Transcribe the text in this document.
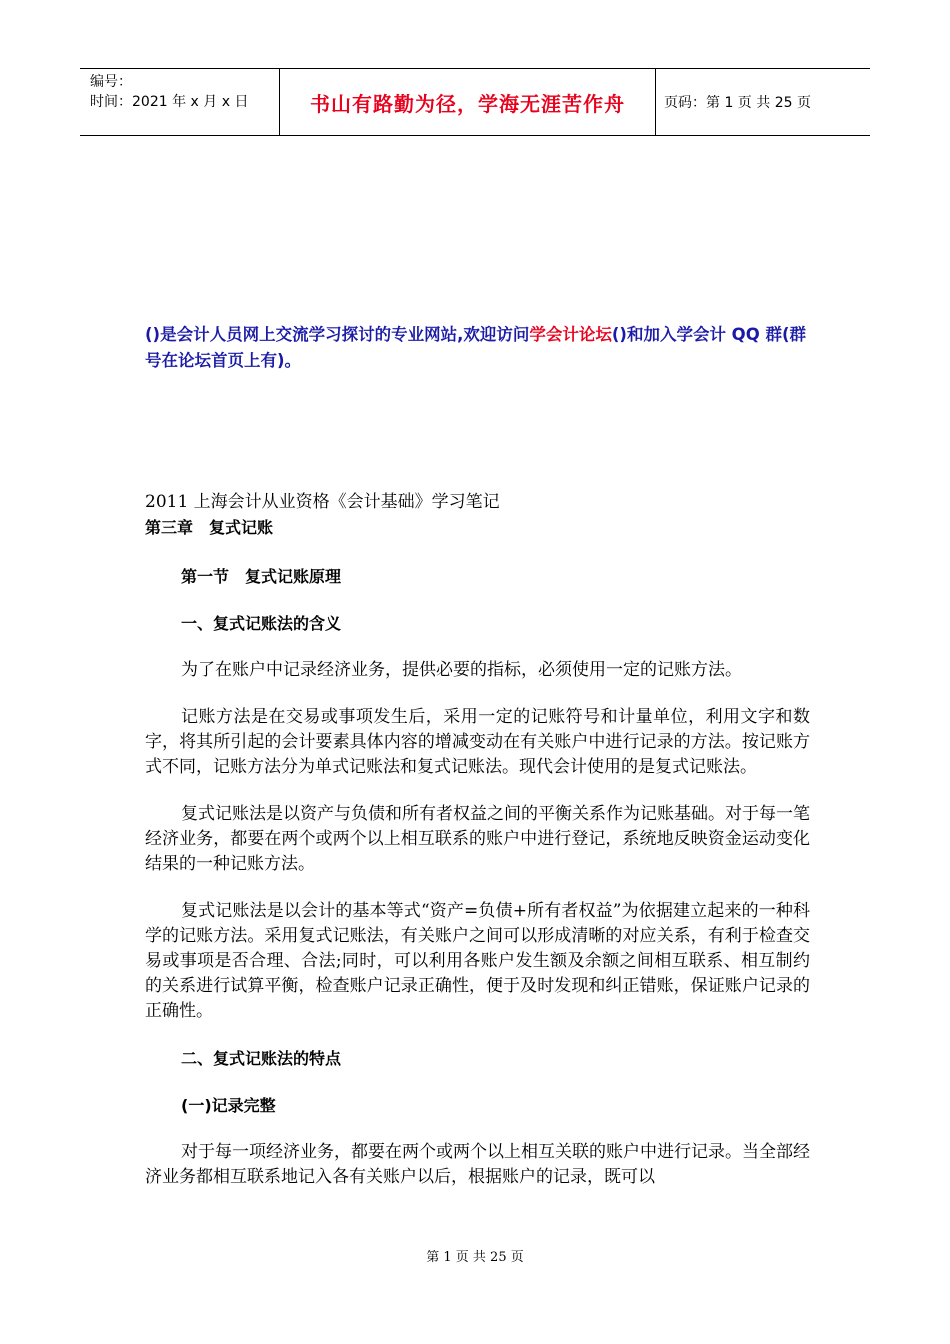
编号：
时间：2021 年 x 月 x 日	书山有路勤为径，学海无涯苦作舟	页码：第 1 页 共 25 页
()是会计人员网上交流学习探讨的专业网站,欢迎访问学会计论坛()和加入学会计 QQ 群(群号在论坛首页上有)。

2011 上海会计从业资格《会计基础》学习笔记

第三章　复式记账

第一节　复式记账原理

一、复式记账法的含义

为了在账户中记录经济业务，提供必要的指标，必须使用一定的记账方法。

记账方法是在交易或事项发生后，采用一定的记账符号和计量单位，利用文字和数字，将其所引起的会计要素具体内容的增减变动在有关账户中进行记录的方法。按记账方式不同，记账方法分为单式记账法和复式记账法。现代会计使用的是复式记账法。

复式记账法是以资产与负债和所有者权益之间的平衡关系作为记账基础。对于每一笔经济业务，都要在两个或两个以上相互联系的账户中进行登记，系统地反映资金运动变化结果的一种记账方法。

复式记账法是以会计的基本等式“资产=负债+所有者权益”为依据建立起来的一种科学的记账方法。采用复式记账法，有关账户之间可以形成清晰的对应关系，有利于检查交易或事项是否合理、合法;同时，可以利用各账户发生额及余额之间相互联系、相互制约的关系进行试算平衡，检查账户记录正确性，便于及时发现和纠正错账，保证账户记录的正确性。

二、复式记账法的特点

(一)记录完整

对于每一项经济业务，都要在两个或两个以上相互关联的账户中进行记录。当全部经济业务都相互联系地记入各有关账户以后，根据账户的记录，既可以

第 1 页 共 25 页
